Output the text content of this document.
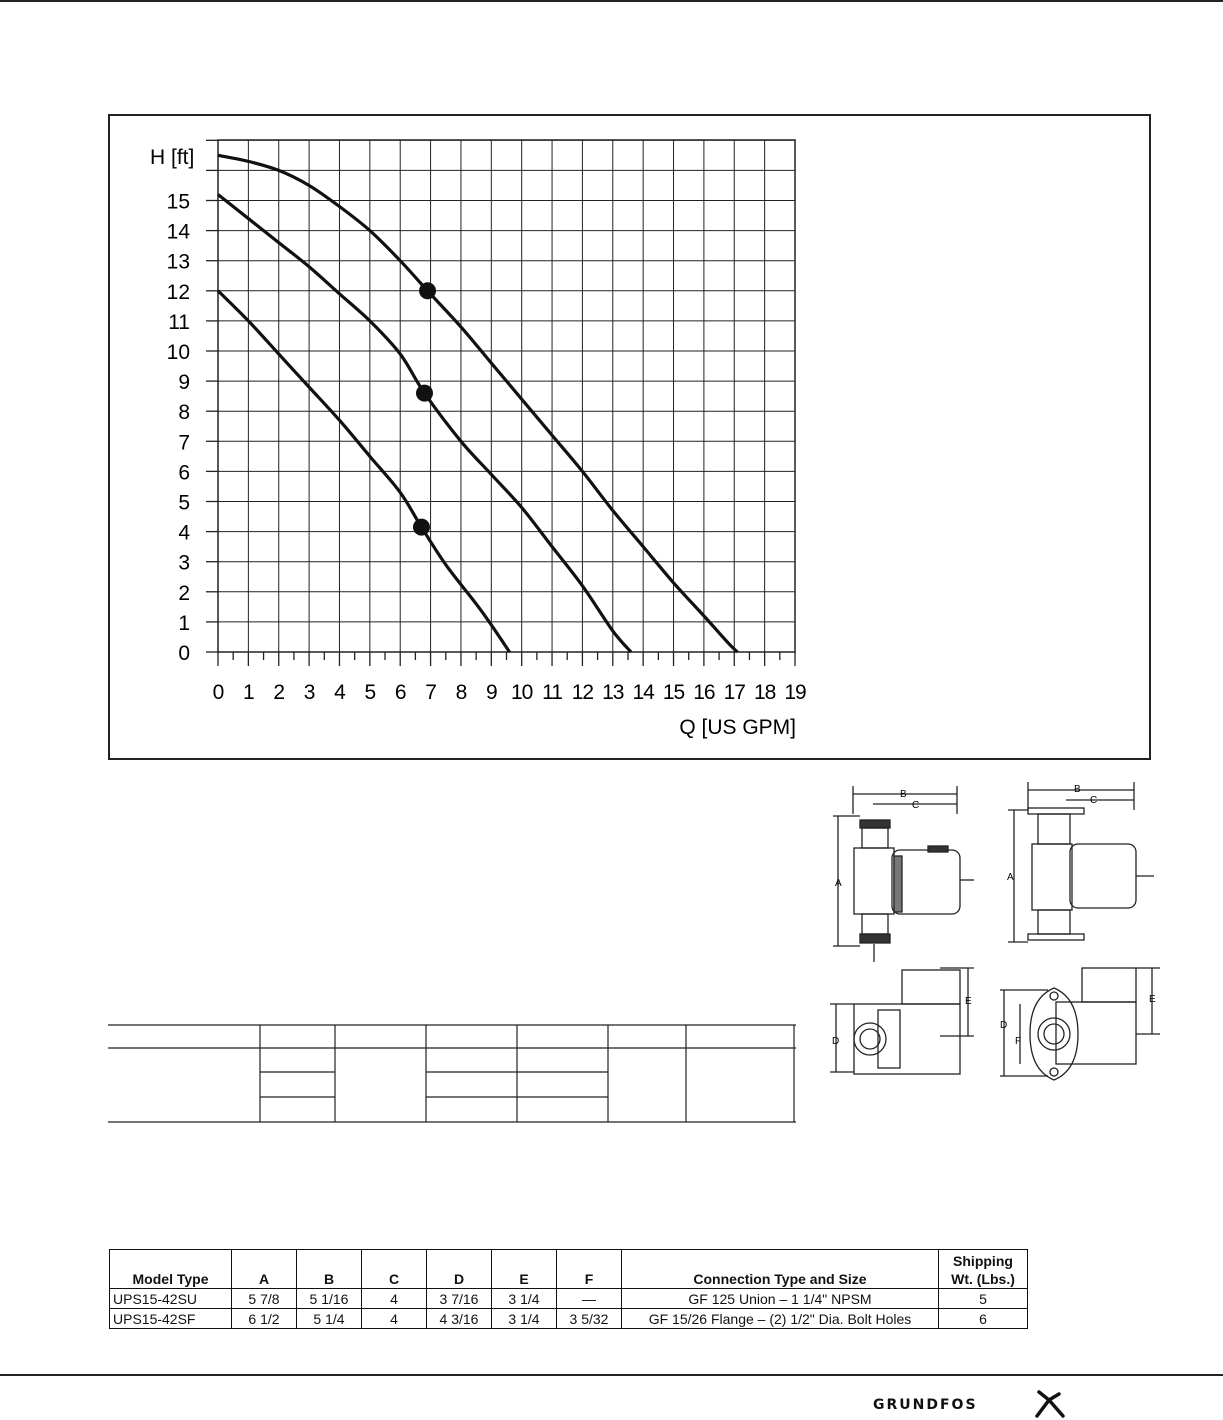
0 1 2 3 4 5 6 7 8 9 10 11 12 13 14 15 16 17 18 19
0
1
2
3
4
5
6
7
8
9
10
11
12
13
14
15
H [ft]
Q [US GPM]
B
C
A
B
C
A
E
D
E
D
F
Model Type	A	B	C	D	E	F	Connection Type and Size	Shipping Wt. (Lbs.)
UPS15-42SU	5 7/8	5 1/16	4	3 7/16	3 1/4	—	GF 125 Union – 1 1/4" NPSM	5
UPS15-42SF	6 1/2	5 1/4	4	4 3/16	3 1/4	3 5/32	GF 15/26 Flange – (2) 1/2" Dia. Bolt Holes	6
GRUNDFOS
